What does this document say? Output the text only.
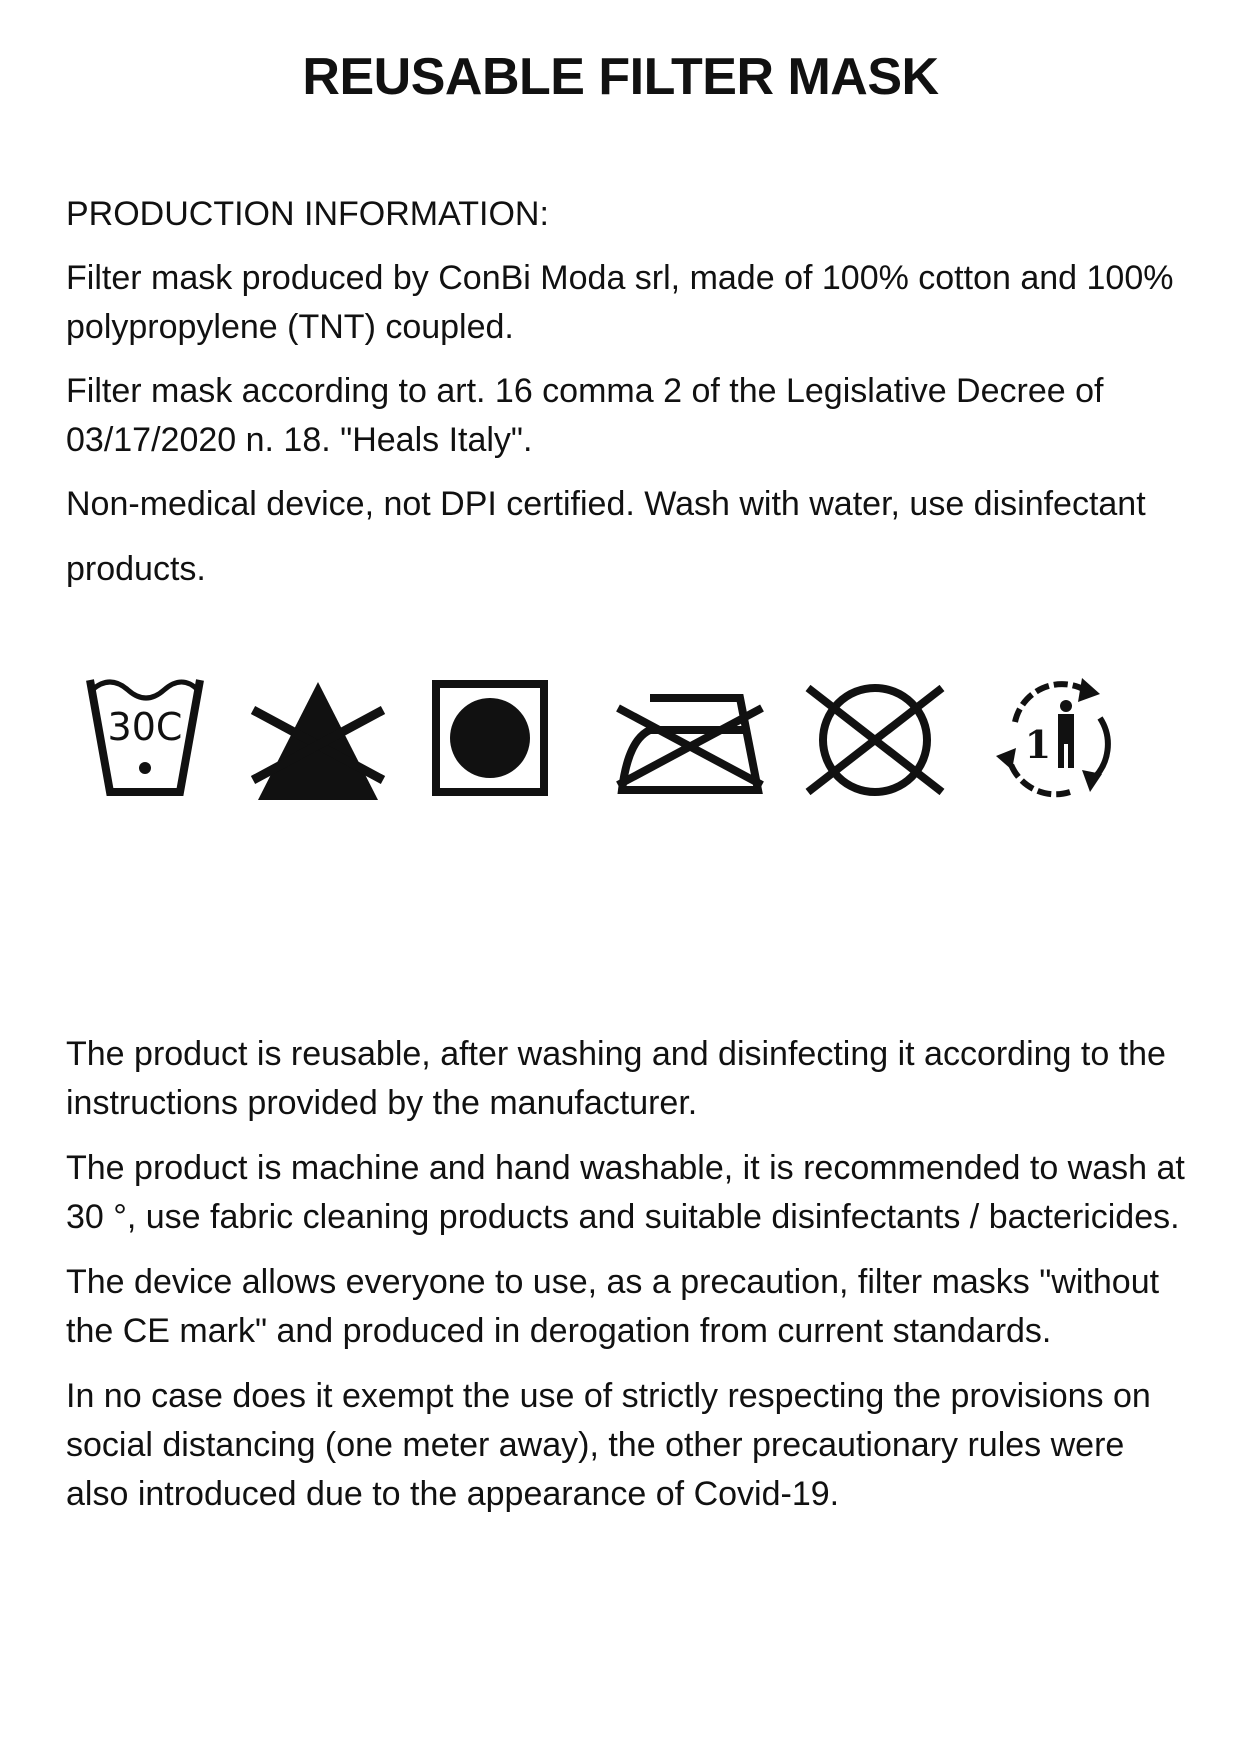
REUSABLE FILTER MASK

PRODUCTION INFORMATION:

Filter mask produced by ConBi Moda srl, made of 100% cotton and 100% polypropylene (TNT) coupled.

Filter mask according to art. 16 comma 2 of the Legislative Decree of 03/17/2020 n. 18. "Heals Italy".

Non-medical device, not DPI certified. Wash with water, use disinfectant products.

30C	1

The product is reusable, after washing and disinfecting it according to the instructions provided by the manufacturer.

The product is machine and hand washable, it is recommended to wash at 30 °, use fabric cleaning products and suitable disinfectants / bactericides.

The device allows everyone to use, as a precaution, filter masks "without the CE mark" and produced in derogation from current standards.

In no case does it exempt the use of strictly respecting the provisions on social distancing (one meter away), the other precautionary rules were also introduced due to the appearance of Covid-19.
